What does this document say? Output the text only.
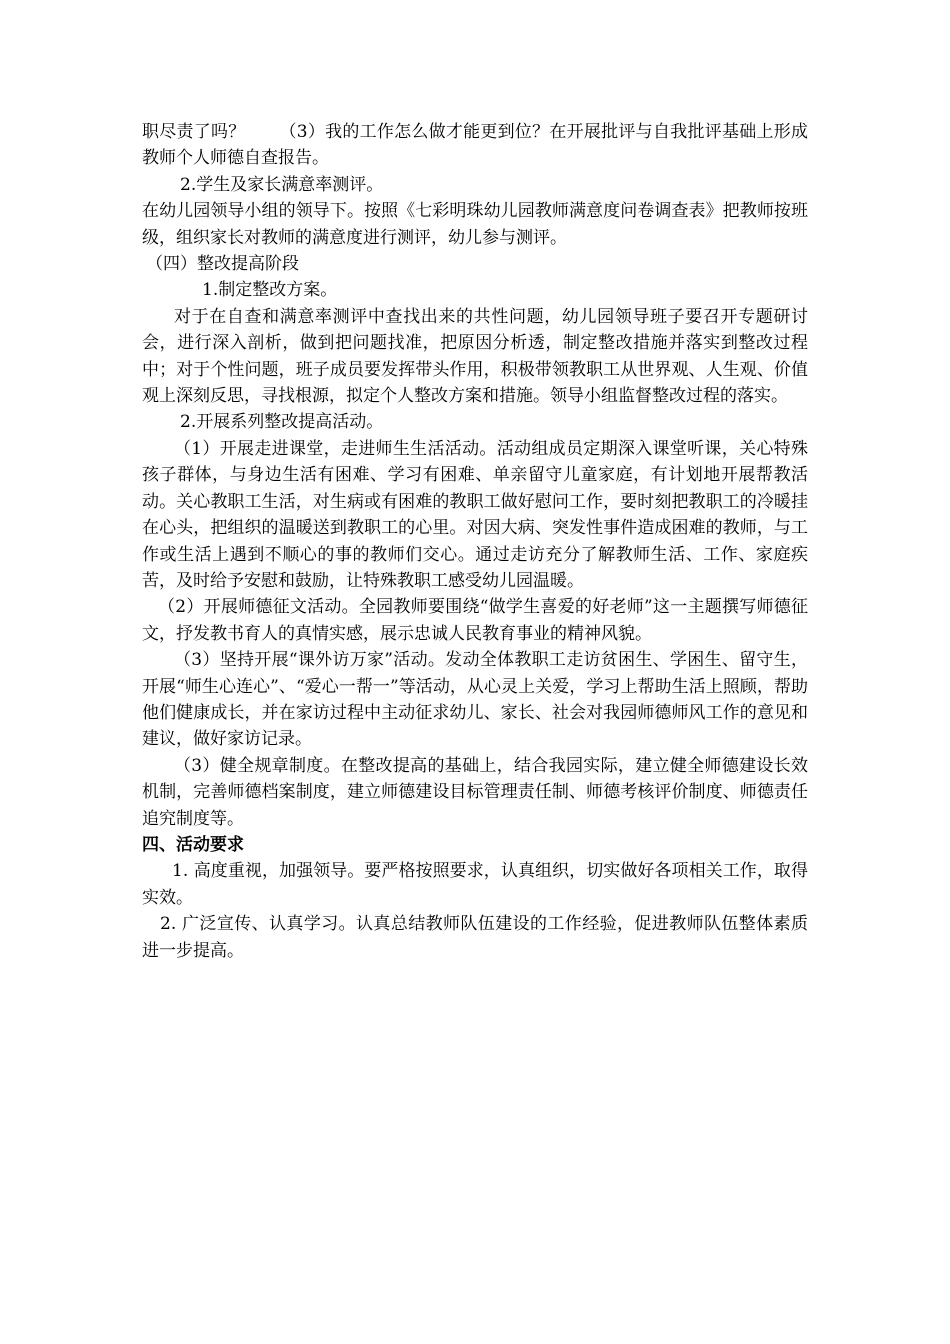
职尽责了吗？      （3）我的工作怎么做才能更到位？在开展批评与自我批评基础上形成教师个人师德自查报告。

2.学生及家长满意率测评。

在幼儿园领导小组的领导下。按照《七彩明珠幼儿园教师满意度问卷调查表》把教师按班级，组织家长对教师的满意度进行测评，幼儿参与测评。

（四）整改提高阶段

1.制定整改方案。

对于在自查和满意率测评中查找出来的共性问题，幼儿园领导班子要召开专题研讨会，进行深入剖析，做到把问题找准，把原因分析透，制定整改措施并落实到整改过程中；对于个性问题，班子成员要发挥带头作用，积极带领教职工从世界观、人生观、价值观上深刻反思，寻找根源，拟定个人整改方案和措施。领导小组监督整改过程的落实。

2.开展系列整改提高活动。

（1）开展走进课堂，走进师生生活活动。活动组成员定期深入课堂听课，关心特殊孩子群体，与身边生活有困难、学习有困难、单亲留守儿童家庭，有计划地开展帮教活动。关心教职工生活，对生病或有困难的教职工做好慰问工作，要时刻把教职工的冷暖挂在心头，把组织的温暖送到教职工的心里。对因大病、突发性事件造成困难的教师，与工作或生活上遇到不顺心的事的教师们交心。通过走访充分了解教师生活、工作、家庭疾苦，及时给予安慰和鼓励，让特殊教职工感受幼儿园温暖。

（2）开展师德征文活动。全园教师要围绕“做学生喜爱的好老师”这一主题撰写师德征文，抒发教书育人的真情实感，展示忠诚人民教育事业的精神风貌。

（3）坚持开展“课外访万家”活动。发动全体教职工走访贫困生、学困生、留守生，开展“师生心连心”、“爱心一帮一”等活动，从心灵上关爱，学习上帮助生活上照顾，帮助他们健康成长，并在家访过程中主动征求幼儿、家长、社会对我园师德师风工作的意见和建议，做好家访记录。

（3）健全规章制度。在整改提高的基础上，结合我园实际，建立健全师德建设长效机制，完善师德档案制度，建立师德建设目标管理责任制、师德考核评价制度、师德责任追究制度等。

四、活动要求

1. 高度重视，加强领导。要严格按照要求，认真组织，切实做好各项相关工作，取得实效。

2. 广泛宣传、认真学习。认真总结教师队伍建设的工作经验，促进教师队伍整体素质进一步提高。
